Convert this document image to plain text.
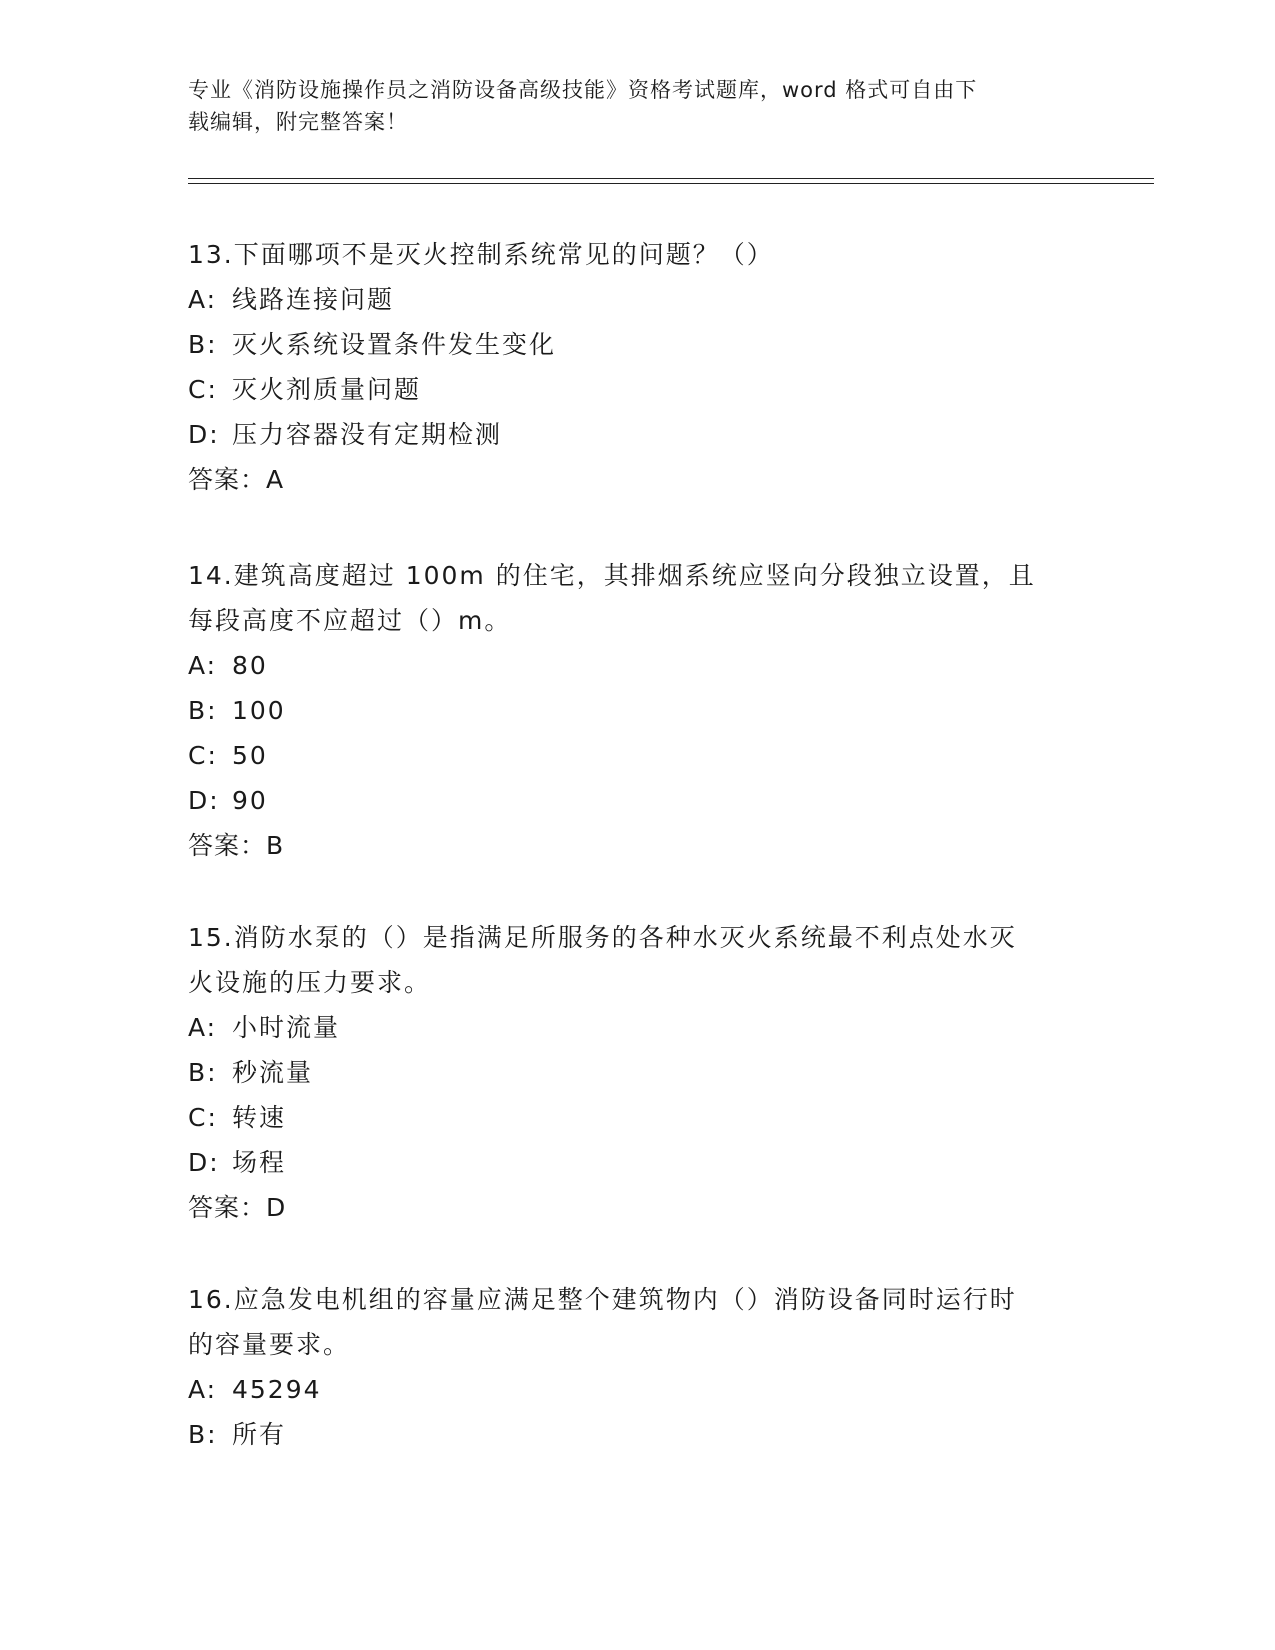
专业《消防设施操作员之消防设备高级技能》资格考试题库，word 格式可自由下
载编辑，附完整答案！
13.下面哪项不是灭火控制系统常见的问题？（）
A: 线路连接问题
B: 灭火系统设置条件发生变化
C: 灭火剂质量问题
D: 压力容器没有定期检测
答案：A
14.建筑高度超过 100m 的住宅，其排烟系统应竖向分段独立设置，且
每段高度不应超过（）m。
A: 80
B: 100
C: 50
D: 90
答案：B
15.消防水泵的（）是指满足所服务的各种水灭火系统最不利点处水灭
火设施的压力要求。
A: 小时流量
B: 秒流量
C: 转速
D: 场程
答案：D
16.应急发电机组的容量应满足整个建筑物内（）消防设备同时运行时
的容量要求。
A: 45294
B: 所有
